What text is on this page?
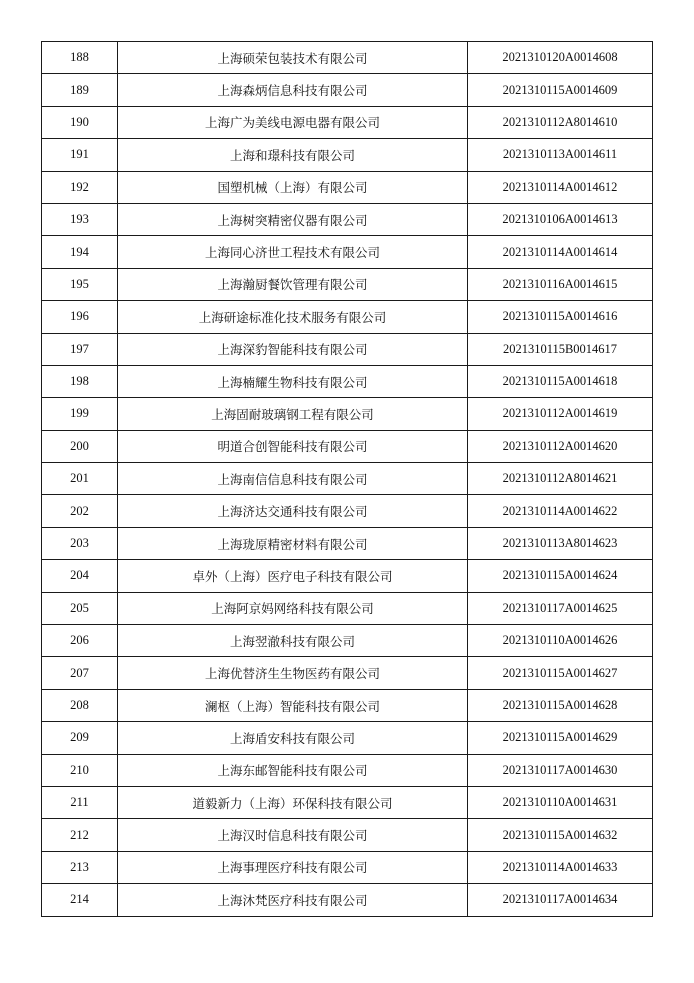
188	上海硕荣包装技术有限公司	2021310120A0014608
189	上海森炳信息科技有限公司	2021310115A0014609
190	上海广为美线电源电器有限公司	2021310112A8014610
191	上海和璟科技有限公司	2021310113A0014611
192	国塑机械（上海）有限公司	2021310114A0014612
193	上海树突精密仪器有限公司	2021310106A0014613
194	上海同心济世工程技术有限公司	2021310114A0014614
195	上海瀚厨餐饮管理有限公司	2021310116A0014615
196	上海研途标准化技术服务有限公司	2021310115A0014616
197	上海深豹智能科技有限公司	2021310115B0014617
198	上海楠耀生物科技有限公司	2021310115A0014618
199	上海固耐玻璃钢工程有限公司	2021310112A0014619
200	明道合创智能科技有限公司	2021310112A0014620
201	上海南信信息科技有限公司	2021310112A8014621
202	上海济达交通科技有限公司	2021310114A0014622
203	上海珑原精密材料有限公司	2021310113A8014623
204	卓外（上海）医疗电子科技有限公司	2021310115A0014624
205	上海阿京妈网络科技有限公司	2021310117A0014625
206	上海翌澈科技有限公司	2021310110A0014626
207	上海优替济生生物医药有限公司	2021310115A0014627
208	澜枢（上海）智能科技有限公司	2021310115A0014628
209	上海盾安科技有限公司	2021310115A0014629
210	上海东邮智能科技有限公司	2021310117A0014630
211	道毅新力（上海）环保科技有限公司	2021310110A0014631
212	上海汉时信息科技有限公司	2021310115A0014632
213	上海事理医疗科技有限公司	2021310114A0014633
214	上海沐梵医疗科技有限公司	2021310117A0014634
